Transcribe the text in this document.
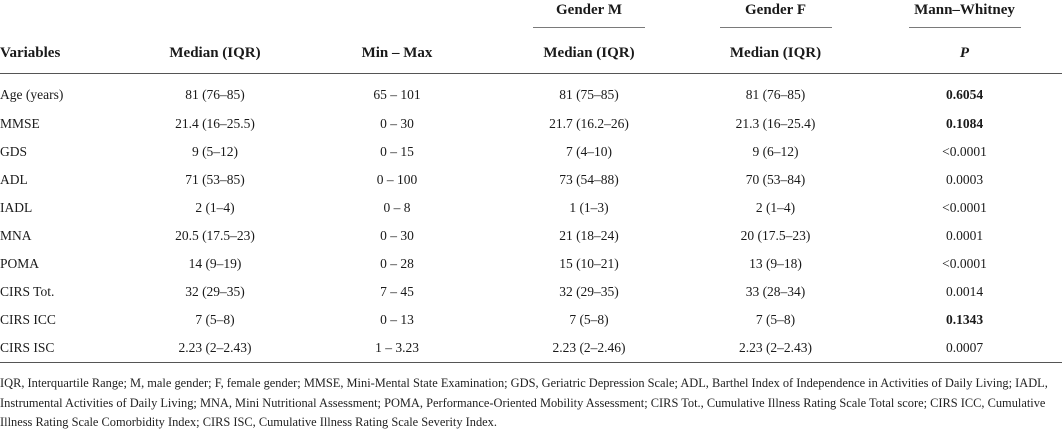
			Gender M	Gender F	Mann–Whitney
Variables	Median (IQR)	Min – Max	Median (IQR)	Median (IQR)	P
Age (years)	81 (76–85)	65 – 101	81 (75–85)	81 (76–85)	0.6054
MMSE	21.4 (16–25.5)	0 – 30	21.7 (16.2–26)	21.3 (16–25.4)	0.1084
GDS	9 (5–12)	0 – 15	7 (4–10)	9 (6–12)	<0.0001
ADL	71 (53–85)	0 – 100	73 (54–88)	70 (53–84)	0.0003
IADL	2 (1–4)	0 – 8	1 (1–3)	2 (1–4)	<0.0001
MNA	20.5 (17.5–23)	0 – 30	21 (18–24)	20 (17.5–23)	0.0001
POMA	14 (9–19)	0 – 28	15 (10–21)	13 (9–18)	<0.0001
CIRS Tot.	32 (29–35)	7 – 45	32 (29–35)	33 (28–34)	0.0014
CIRS ICC	7 (5–8)	0 – 13	7 (5–8)	7 (5–8)	0.1343
CIRS ISC	2.23 (2–2.43)	1 – 3.23	2.23 (2–2.46)	2.23 (2–2.43)	0.0007

IQR, Interquartile Range; M, male gender; F, female gender; MMSE, Mini-Mental State Examination; GDS, Geriatric Depression Scale; ADL, Barthel Index of Independence in Activities of Daily Living; IADL, Instrumental Activities of Daily Living; MNA, Mini Nutritional Assessment; POMA, Performance-Oriented Mobility Assessment; CIRS Tot., Cumulative Illness Rating Scale Total score; CIRS ICC, Cumulative Illness Rating Scale Comorbidity Index; CIRS ISC, Cumulative Illness Rating Scale Severity Index.
